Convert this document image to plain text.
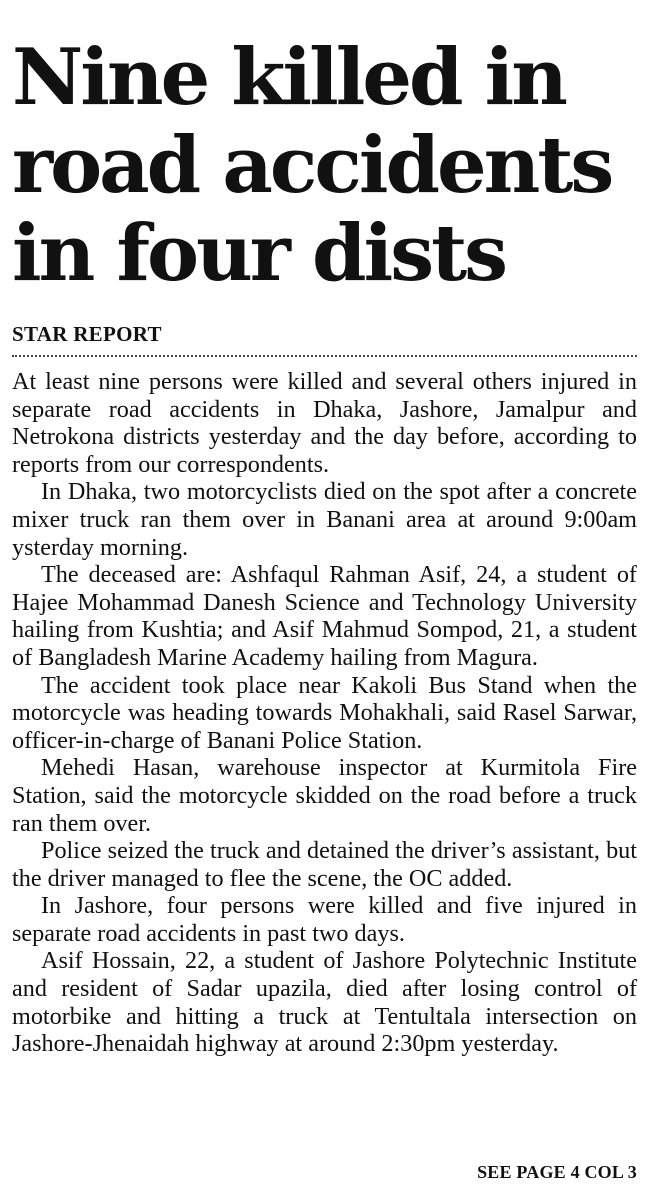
Nine killed in
road accidents
in four dists
STAR REPORT

At least nine persons were killed and several others injured in separate road accidents in Dhaka, Jashore, Jamalpur and Netrokona districts yesterday and the day before, according to reports from our correspondents.

In Dhaka, two motorcyclists died on the spot after a concrete mixer truck ran them over in Banani area at around 9:00am ysterday morning.

The deceased are: Ashfaqul Rahman Asif, 24, a student of Hajee Mohammad Danesh Science and Technology University hailing from Kushtia; and Asif Mahmud Sompod, 21, a student of Bangladesh Marine Academy hailing from Magura.

The accident took place near Kakoli Bus Stand when the motorcycle was heading towards Mohakhali, said Rasel Sarwar, officer-in-charge of Banani Police Station.

Mehedi Hasan, warehouse inspector at Kurmitola Fire Station, said the motorcycle skidded on the road before a truck ran them over.

Police seized the truck and detained the driver’s assistant, but the driver managed to flee the scene, the OC added.

In Jashore, four persons were killed and five injured in separate road accidents in past two days.

Asif Hossain, 22, a student of Jashore Polytechnic Institute and resident of Sadar upazila, died after losing control of motorbike and hitting a truck at Tentultala intersection on Jashore-Jhenaidah highway at around 2:30pm yesterday.

SEE PAGE 4 COL 3
